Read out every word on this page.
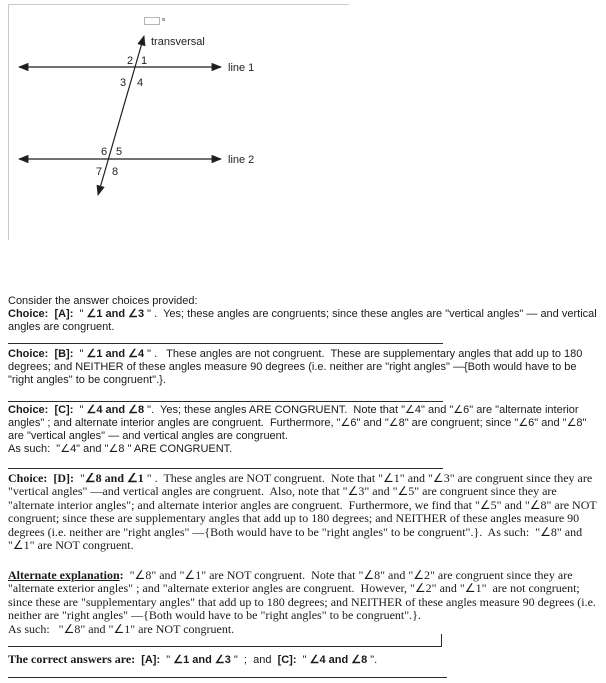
transversal
line 1
line 2
2 1
3 4
6 5
7 8
Consider the answer choices provided:
Choice:  [A]:  " ∠1 and ∠3 " .  Yes; these angles are congruents; since these angles are "vertical angles" — and vertical angles are congruent.
Choice:  [B]:  " ∠1 and ∠4 " .   These angles are not congruent.  These are supplementary angles that add up to 180 degrees; and NEITHER of these angles measure 90 degrees (i.e. neither are "right angles" —{Both would have to be "right angles" to be congruent".}.
Choice:  [C]:  " ∠4 and ∠8 ".  Yes; these angles ARE CONGRUENT.  Note that "∠4" and "∠6" are "alternate interior angles" ; and alternate interior angles are congruent.  Furthermore, "∠6" and "∠8" are congruent; since "∠6" and "∠8" are "vertical angles" — and vertical angles are congruent.
As such:  "∠4" and "∠8 " ARE CONGRUENT.
Choice:  [D]:  "∠8 and ∠1 " .  These angles are NOT congruent.  Note that "∠1" and "∠3" are congruent since they are "vertical angles" —and vertical angles are congruent.  Also, note that "∠3" and "∠5" are congruent since they are "alternate interior angles"; and alternate interior angles are congruent.  Furthermore, we find that "∠5" and "∠8" are NOT congruent; since these are supplementary angles that add up to 180 degrees; and NEITHER of these angles measure 90 degrees (i.e. neither are "right angles" —{Both would have to be "right angles" to be congruent".}.  As such:  "∠8" and "∠1" are NOT congruent.
Alternate explanation:  "∠8" and "∠1" are NOT congruent.  Note that "∠8" and "∠2" are congruent since they are "alternate exterior angles" ; and "alternate exterior angles are congruent.  However, "∠2" and "∠1"  are not congruent; since these are "supplementary angles" that add up to 180 degrees; and NEITHER of these angles measure 90 degrees (i.e. neither are "right angles" —{Both would have to be "right angles" to be congruent".}.
As such:   "∠8" and "∠1" are NOT congruent.
The correct answers are:  [A]:  " ∠1 and ∠3 "  ;  and  [C]:  " ∠4 and ∠8 ".
